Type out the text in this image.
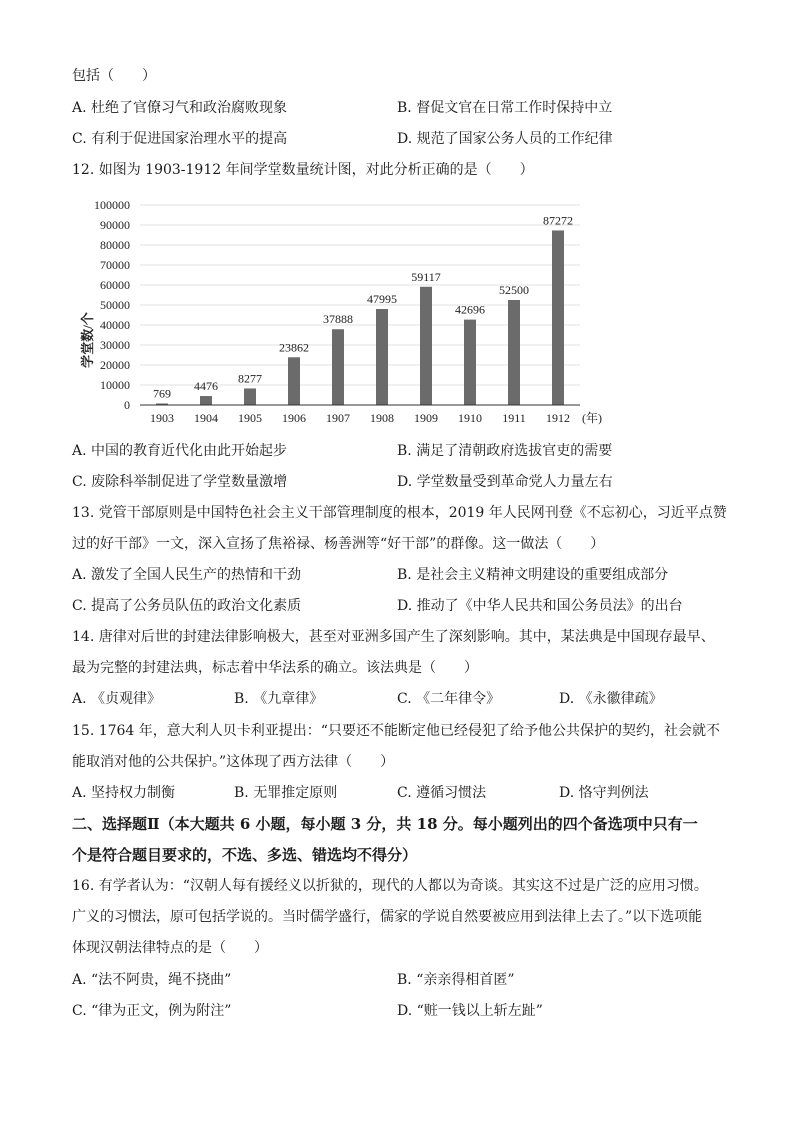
包括（　　）
A. 杜绝了官僚习气和政治腐败现象	B. 督促文官在日常工作时保持中立
C. 有利于促进国家治理水平的提高	D. 规范了国家公务人员的工作纪律
12. 如图为 1903-1912 年间学堂数量统计图，对此分析正确的是（　　）
0
10000
20000
30000
40000
50000
60000
70000
80000
90000
100000
769
4476
8277
23862
37888
47995
59117
42696
52500
87272
1903 1904 1905 1906 1907 1908 1909 1910 1911 1912
学堂数/个
(年)
A. 中国的教育近代化由此开始起步	B. 满足了清朝政府选拔官吏的需要
C. 废除科举制促进了学堂数量激增	D. 学堂数量受到革命党人力量左右
13. 党管干部原则是中国特色社会主义干部管理制度的根本，2019 年人民网刊登《不忘初心，习近平点赞
过的好干部》一文，深入宣扬了焦裕禄、杨善洲等“好干部”的群像。这一做法（　　）
A. 激发了全国人民生产的热情和干劲	B. 是社会主义精神文明建设的重要组成部分
C. 提高了公务员队伍的政治文化素质	D. 推动了《中华人民共和国公务员法》的出台
14. 唐律对后世的封建法律影响极大，甚至对亚洲多国产生了深刻影响。其中，某法典是中国现存最早、
最为完整的封建法典，标志着中华法系的确立。该法典是（　　）
A. 《贞观律》	B. 《九章律》	C. 《二年律令》	D. 《永徽律疏》
15. 1764 年，意大利人贝卡利亚提出：“只要还不能断定他已经侵犯了给予他公共保护的契约，社会就不
能取消对他的公共保护。”这体现了西方法律（　　）
A. 坚持权力制衡	B. 无罪推定原则	C. 遵循习惯法	D. 恪守判例法
二、选择题Ⅱ（本大题共 6 小题，每小题 3 分，共 18 分。每小题列出的四个备选项中只有一
个是符合题目要求的，不选、多选、错选均不得分）
16. 有学者认为：“汉朝人每有援经义以折狱的，现代的人都以为奇谈。其实这不过是广泛的应用习惯。
广义的习惯法，原可包括学说的。当时儒学盛行，儒家的学说自然要被应用到法律上去了。”以下选项能
体现汉朝法律特点的是（　　）
A. “法不阿贵，绳不挠曲”	B. “亲亲得相首匿”
C. “律为正文，例为附注”	D. “赃一钱以上斩左趾”
